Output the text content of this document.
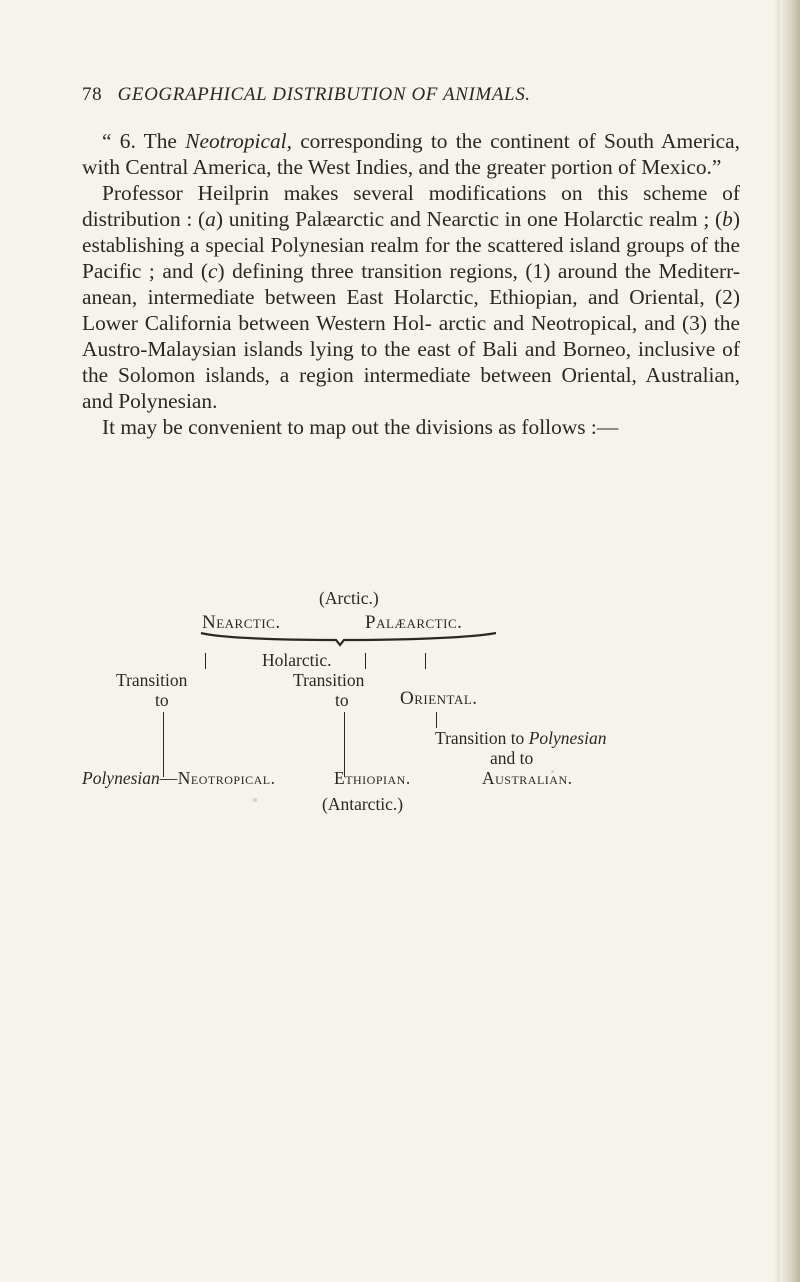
78 GEOGRAPHICAL DISTRIBUTION OF ANIMALS.

“ 6. The Neotropical, corresponding to the continent of South America, with Central America, the West Indies, and the greater portion of Mexico.”

Professor Heilprin makes several modifications on this scheme of distribution : (a) uniting Palæarctic and Nearctic in one Holarctic realm ; (b) establishing a special Polynesian realm for the scattered island groups of the Pacific ; and (c) defining three transition regions, (1) around the Mediterr- anean, intermediate between East Holarctic, Ethiopian, and Oriental, (2) Lower California between Western Hol- arctic and Neotropical, and (3) the Austro-Malaysian islands lying to the east of Bali and Borneo, inclusive of the Solomon islands, a region intermediate between Oriental, Australian, and Polynesian.

It may be convenient to map out the divisions as follows :—

(Arctic.)
Nearctic.	Palæarctic.
Holarctic.
Transition	Transition
to	to	Oriental.
Transition to Polynesian
and to
Polynesian—Neotropical.	Ethiopian.	Australian.
(Antarctic.)
